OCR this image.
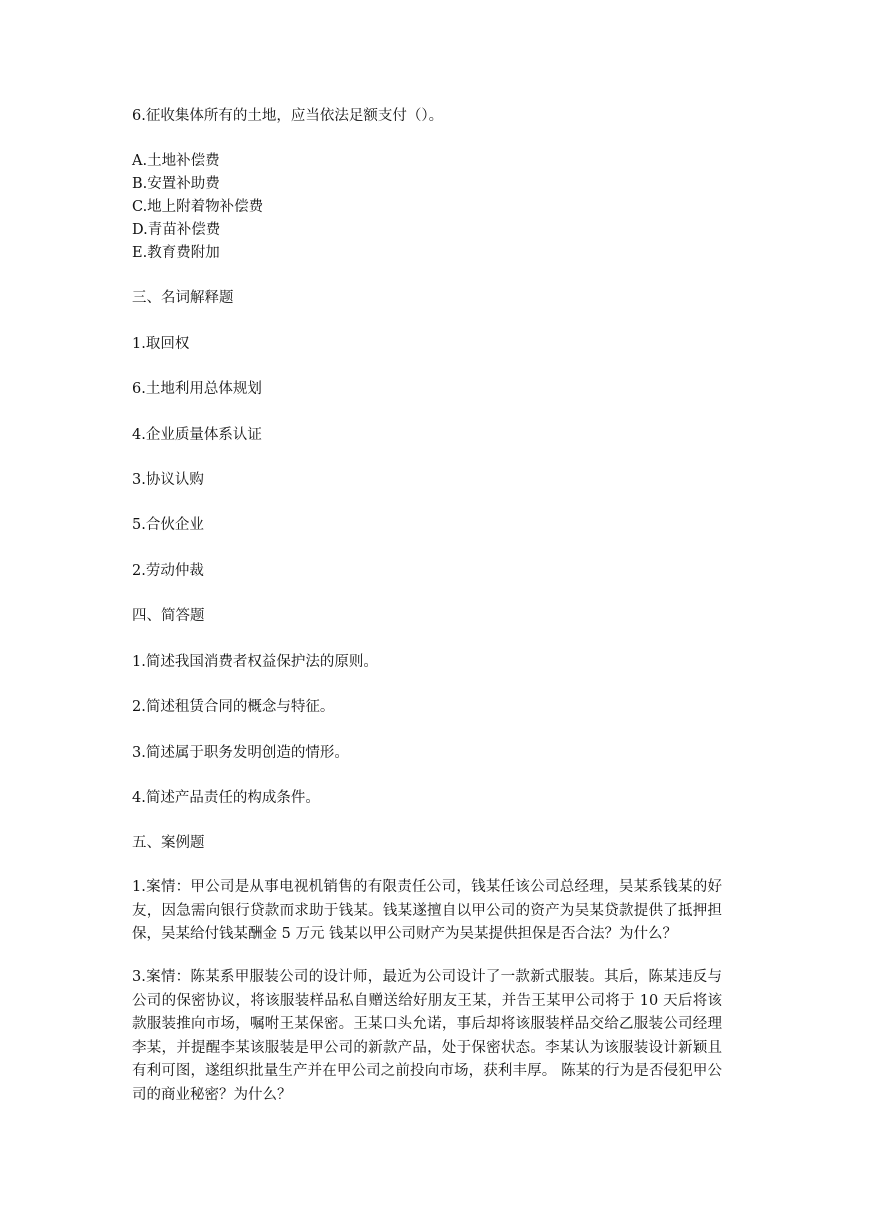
6.征收集体所有的土地，应当依法足额支付（）。
A.土地补偿费
B.安置补助费
C.地上附着物补偿费
D.青苗补偿费
E.教育费附加
三、名词解释题
1.取回权
6.土地利用总体规划
4.企业质量体系认证
3.协议认购
5.合伙企业
2.劳动仲裁
四、简答题
1.简述我国消费者权益保护法的原则。
2.简述租赁合同的概念与特征。
3.简述属于职务发明创造的情形。
4.简述产品责任的构成条件。
五、案例题
1.案情：甲公司是从事电视机销售的有限责任公司，钱某任该公司总经理，吴某系钱某的好友，因急需向银行贷款而求助于钱某。钱某遂擅自以甲公司的资产为吴某贷款提供了抵押担保，吴某给付钱某酬金 5 万元 钱某以甲公司财产为吴某提供担保是否合法？为什么？
3.案情：陈某系甲服装公司的设计师，最近为公司设计了一款新式服装。其后，陈某违反与公司的保密协议，将该服装样品私自赠送给好朋友王某，并告王某甲公司将于 10 天后将该款服装推向市场，嘱咐王某保密。王某口头允诺，事后却将该服装样品交给乙服装公司经理李某，并提醒李某该服装是甲公司的新款产品，处于保密状态。李某认为该服装设计新颖且有利可图，遂组织批量生产并在甲公司之前投向市场，获利丰厚。 陈某的行为是否侵犯甲公司的商业秘密？为什么？
